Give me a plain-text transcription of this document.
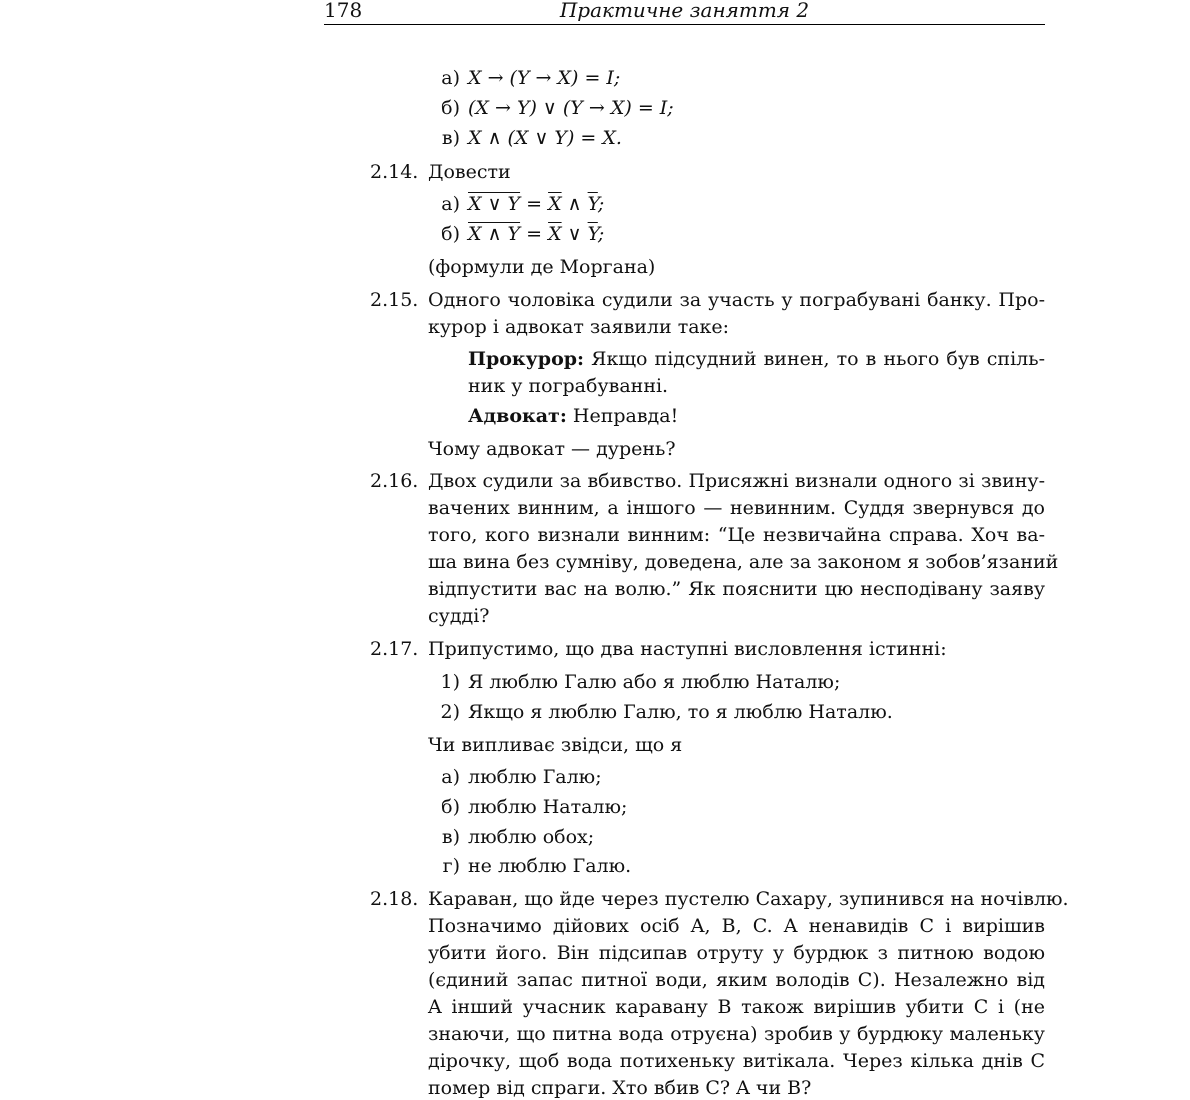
178	Практичне заняття 2
а) X → (Y → X) = I;
б) (X → Y) ∨ (Y → X) = I;
в) X ∧ (X ∨ Y) = X.
2.14. Довести
а) X ∨ $Y = \overline{X}$ ∧ $\overline{Y}$;
б) X ∧ $Y = \overline{X}$ ∨ $\overline{Y}$;
(формули де Моргана)
2.15. Одного чоловіка судили за участь у пограбувані банку. Про-
курор і адвокат заявили таке:
Прокурор: Якщо підсудний винен, то в нього був спіль-
ник у пограбуванні.
Адвокат: Неправда!
Чому адвокат — дурень?
2.16. Двох судили за вбивство. Присяжні визнали одного зі звину-
вачених винним, а іншого — невинним. Суддя звернувся до
того, кого визнали винним: “Це незвичайна справа. Хоч ва-
ша вина без сумніву, доведена, але за законом я зобов’язаний
відпустити вас на волю.” Як пояснити цю несподівану заяву
судді?
2.17. Припустимо, що два наступні висловлення істинні:
1) Я люблю Галю або я люблю Наталю;
2) Якщо я люблю Галю, то я люблю Наталю.
Чи випливає звідси, що я
а) люблю Галю;
б) люблю Наталю;
в) люблю обох;
г) не люблю Галю.
2.18. Караван, що йде через пустелю Сахару, зупинився на ночівлю.
Позначимо дійових осіб A, B, C. A ненавидів C і вирішив
убити його. Він підсипав отруту у бурдюк з питною водою
(єдиний запас питної води, яким володів C). Незалежно від
A інший учасник каравану B також вирішив убити C і (не
знаючи, що питна вода отруєна) зробив у бурдюку маленьку
дірочку, щоб вода потихеньку витікала. Через кілька днів C
помер від спраги. Хто вбив C? A чи B?
